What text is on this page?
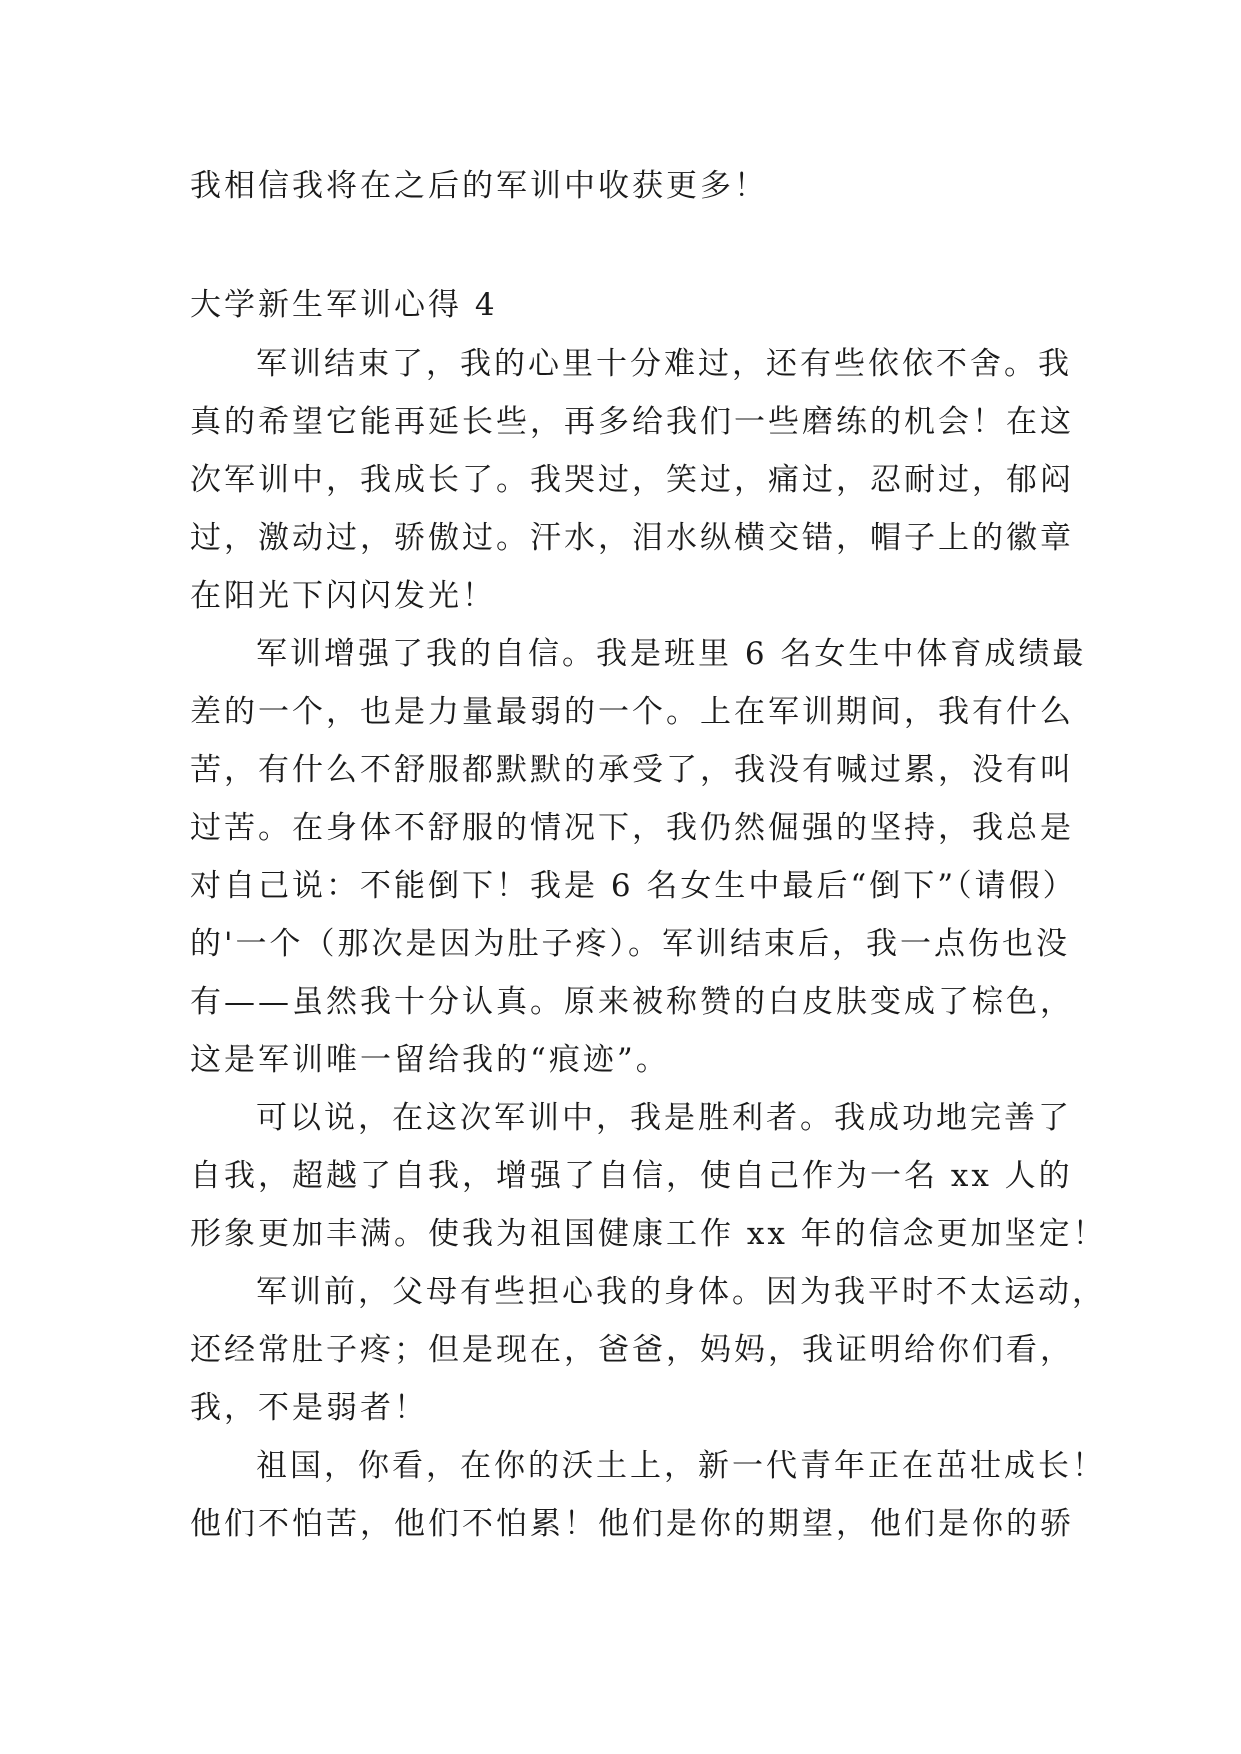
我相信我将在之后的军训中收获更多！
大学新生军训心得 4
军训结束了，我的心里十分难过，还有些依依不舍。我
真的希望它能再延长些，再多给我们一些磨练的机会！在这
次军训中，我成长了。我哭过，笑过，痛过，忍耐过，郁闷
过，激动过，骄傲过。汗水，泪水纵横交错，帽子上的徽章
在阳光下闪闪发光！
军训增强了我的自信。我是班里 6 名女生中体育成绩最
差的一个，也是力量最弱的一个。上在军训期间，我有什么
苦，有什么不舒服都默默的承受了，我没有喊过累，没有叫
过苦。在身体不舒服的情况下，我仍然倔强的坚持，我总是
对自己说：不能倒下！我是 6 名女生中最后“倒下”（请假）
的'一个（那次是因为肚子疼）。军训结束后，我一点伤也没
有——虽然我十分认真。原来被称赞的白皮肤变成了棕色，
这是军训唯一留给我的“痕迹”。
可以说，在这次军训中，我是胜利者。我成功地完善了
自我，超越了自我，增强了自信，使自己作为一名 xx 人的
形象更加丰满。使我为祖国健康工作 xx 年的信念更加坚定！
军训前，父母有些担心我的身体。因为我平时不太运动，
还经常肚子疼；但是现在，爸爸，妈妈，我证明给你们看，
我，不是弱者！
祖国，你看，在你的沃土上，新一代青年正在茁壮成长！
他们不怕苦，他们不怕累！他们是你的期望，他们是你的骄
